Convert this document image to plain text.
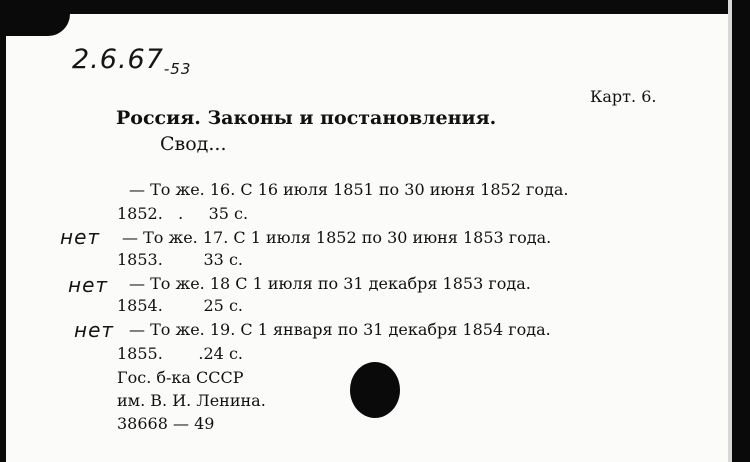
$2.6.67_{-53}$
Карт. 6.
Россия. Законы и постановления.
Свод...
— То же. 16. С 16 июля 1851 по 30 июня 1852 года.
1852.   .     35 с.
нет — То же. 17. С 1 июля 1852 по 30 июня 1853 года.
1853.        33 с.
нет — То же. 18 С 1 июля по 31 декабря 1853 года.
1854.        25 с.
нет — То же. 19. С 1 января по 31 декабря 1854 года.
1855.       .24 с.
Гос. б-ка СССР
им. В. И. Ленина.
38668 — 49
